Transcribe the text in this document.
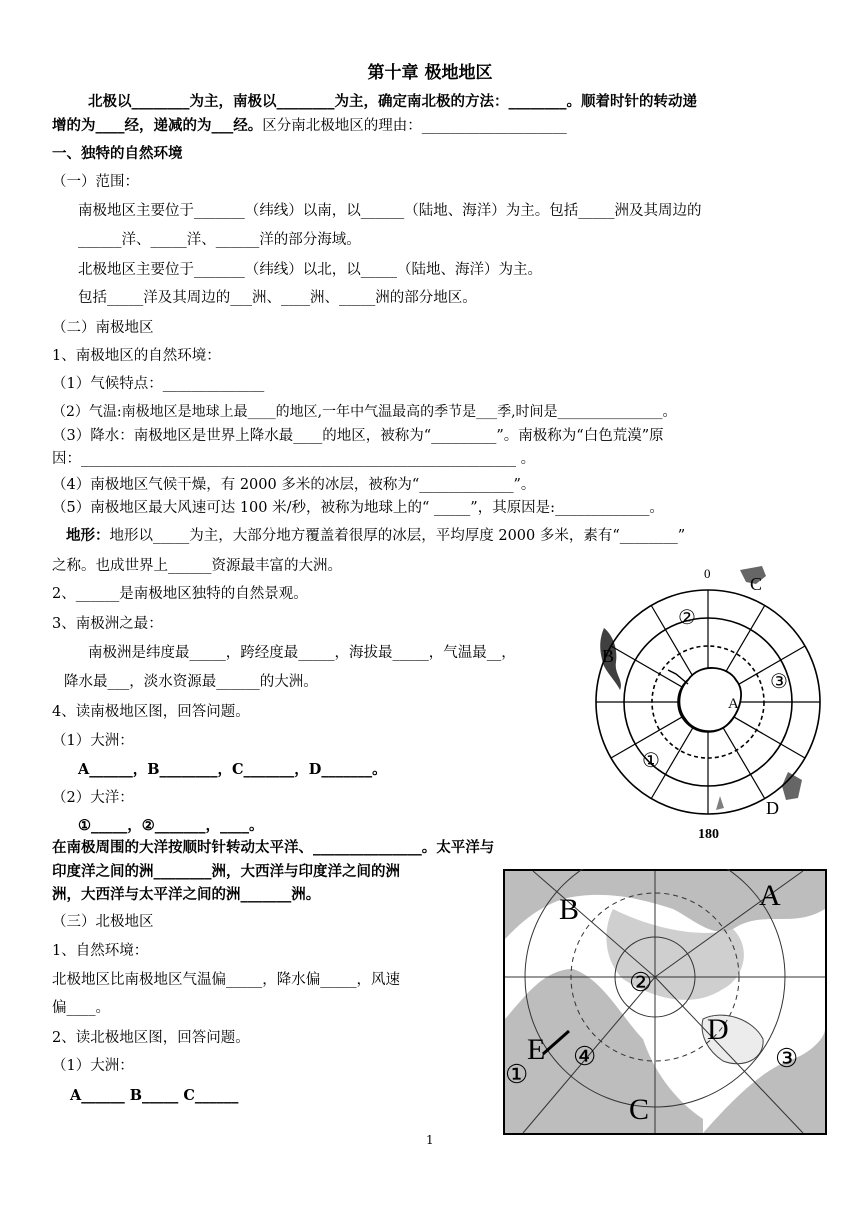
第十章 极地地区
北极以________为主，南极以________为主，确定南北极的方法：________。顺着时针的转动递
增的为____经，递减的为___经。区分南北极地区的理由：____________________
一、独特的自然环境
（一）范围：
南极地区主要位于_______（纬线）以南，以______（陆地、海洋）为主。包括_____洲及其周边的
______洋、_____洋、______洋的部分海域。
北极地区主要位于_______（纬线）以北，以_____（陆地、海洋）为主。
包括_____洋及其周边的___洲、____洲、_____洲的部分地区。
（二）南极地区
1、南极地区的自然环境：
（1）气候特点：______________
（2）气温:南极地区是地球上最____的地区,一年中气温最高的季节是___季,时间是_______________。
（3）降水：南极地区是世界上降水最____的地区，被称为“_________”。南极称为“白色荒漠”原
因：____________________________________________________________ 。
（4）南极地区气候干燥，有 2000 多米的冰层，被称为“_____________”。
（5）南极地区最大风速可达 100 米/秒，被称为地球上的“ _____”，其原因是:_____________。
地形：地形以_____为主，大部分地方覆盖着很厚的冰层，平均厚度 2000 多米，素有“________”
之称。也成世界上______资源最丰富的大洲。
2、______是南极地区独特的自然景观。
3、南极洲之最：
南极洲是纬度最_____，跨经度最_____，海拔最_____，气温最__，
降水最___，淡水资源最______的大洲。
4、读南极地区图，回答问题。
（1）大洲：
A______，B________，C_______，D_______。
（2）大洋：
①_____，②_______，____。
在南极周围的大洋按顺时针转动太平洋、_______________。太平洋与
印度洋之间的洲________洲，大西洋与印度洋之间的洲
洲，大西洋与太平洋之间的洲_______洲。
（三）北极地区
1、自然环境：
北极地区比南极地区气温偏_____，降水偏_____，风速
偏____。
2、读北极地区图，回答问题。
（1）大洲：
A______ B_____ C______
0
180
A
B
C
D
①
②
③
A
B
C
D
E
①
②
③
④
1
